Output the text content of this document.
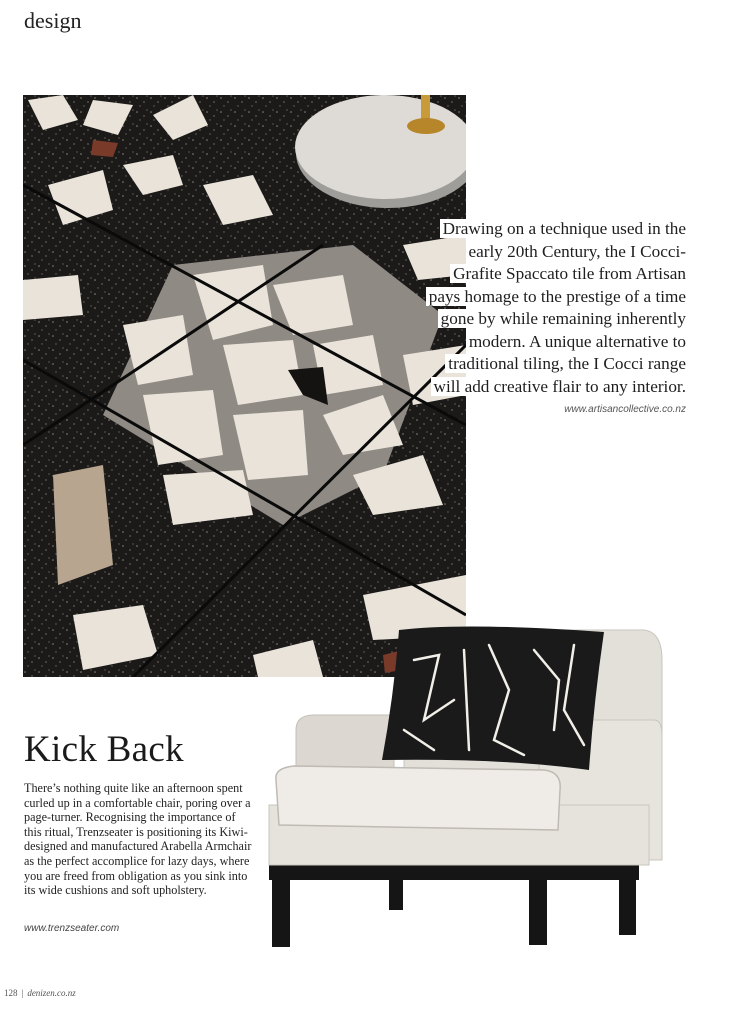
design
Drawing on a technique used in the
early 20th Century, the I Cocci-
Grafite Spaccato tile from Artisan
pays homage to the prestige of a time
gone by while remaining inherently
modern. A unique alternative to
traditional tiling, the I Cocci range
will add creative flair to any interior.
www.artisancollective.co.nz
Kick Back
There’s nothing quite like an afternoon spent curled up in a comfortable chair, poring over a page-turner. Recognising the importance of this ritual, Trenzseater is positioning its Kiwi-designed and manufactured Arabella Armchair as the perfect accomplice for lazy days, where you are freed from obligation as you sink into its wide cushions and soft upholstery.
www.trenzseater.com
128 | denizen.co.nz
